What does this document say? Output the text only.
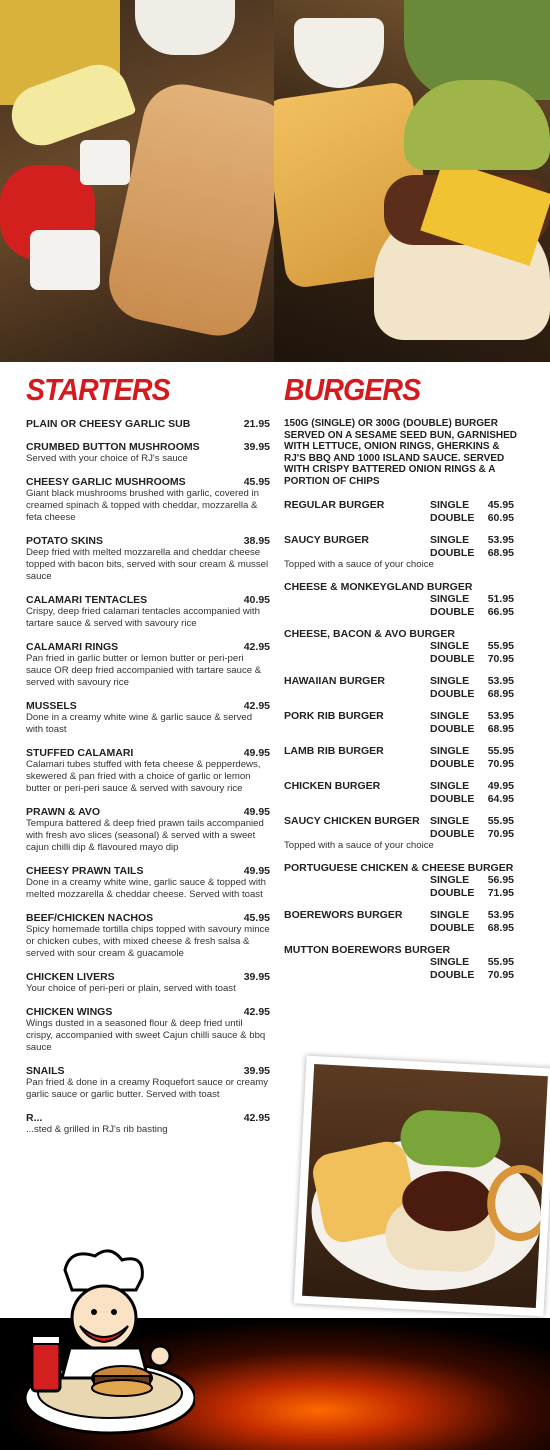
STARTERS
PLAIN OR CHEESY GARLIC SUB	21.95
CRUMBED BUTTON MUSHROOMS	39.95
Served with your choice of RJ's sauce
CHEESY GARLIC MUSHROOMS	45.95
Giant black mushrooms brushed with garlic, covered in creamed spinach & topped with cheddar, mozzarella & feta cheese
POTATO SKINS	38.95
Deep fried with melted mozzarella and cheddar cheese topped with bacon bits, served with sour cream & mussel sauce
CALAMARI TENTACLES	40.95
Crispy, deep fried calamari tentacles accompanied with tartare sauce & served with savoury rice
CALAMARI RINGS	42.95
Pan fried in garlic butter or lemon butter or peri-peri sauce OR deep fried accompanied with tartare sauce & served with savoury rice
MUSSELS	42.95
Done in a creamy white wine & garlic sauce & served with toast
STUFFED CALAMARI	49.95
Calamari tubes stuffed with feta cheese & pepperdews, skewered & pan fried with a choice of garlic or lemon butter or peri-peri sauce & served with savoury rice
PRAWN & AVO	49.95
Tempura battered & deep fried prawn tails accompanied with fresh avo slices (seasonal) & served with a sweet cajun chilli dip & flavoured mayo dip
CHEESY PRAWN TAILS	49.95
Done in a creamy white wine, garlic sauce & topped with melted mozzarella & cheddar cheese. Served with toast
BEEF/CHICKEN NACHOS	45.95
Spicy homemade tortilla chips topped with savoury mince or chicken cubes, with mixed cheese & fresh salsa & served with sour cream & guacamole
CHICKEN LIVERS	39.95
Your choice of peri-peri or plain, served with toast
CHICKEN WINGS	42.95
Wings dusted in a seasoned flour & deep fried until crispy, accompanied with sweet Cajun chilli sauce & bbq sauce
SNAILS	39.95
Pan fried & done in a creamy Roquefort sauce or creamy garlic sauce or garlic butter. Served with toast
R...	42.95
...sted & grilled in RJ's rib basting
BURGERS
150G (SINGLE) OR 300G (DOUBLE) BURGER SERVED ON A SESAME SEED BUN, GARNISHED WITH LETTUCE, ONION RINGS, GHERKINS & RJ'S BBQ AND 1000 ISLAND SAUCE. SERVED WITH CRISPY BATTERED ONION RINGS & A PORTION OF CHIPS
REGULAR BURGER	SINGLE 45.95
DOUBLE 60.95
SAUCY BURGER	SINGLE 53.95
DOUBLE 68.95
Topped with a sauce of your choice
CHEESE & MONKEYGLAND BURGER
SINGLE 51.95
DOUBLE 66.95
CHEESE, BACON & AVO BURGER
SINGLE 55.95
DOUBLE 70.95
HAWAIIAN BURGER	SINGLE 53.95
DOUBLE 68.95
PORK RIB BURGER	SINGLE 53.95
DOUBLE 68.95
LAMB RIB BURGER	SINGLE 55.95
DOUBLE 70.95
CHICKEN BURGER	SINGLE 49.95
DOUBLE 64.95
SAUCY CHICKEN BURGER SINGLE 55.95
DOUBLE 70.95
Topped with a sauce of your choice
PORTUGUESE CHICKEN & CHEESE BURGER
SINGLE 56.95
DOUBLE 71.95
BOEREWORS BURGER	SINGLE 53.95
DOUBLE 68.95
MUTTON BOEREWORS BURGER
SINGLE 55.95
DOUBLE 70.95
